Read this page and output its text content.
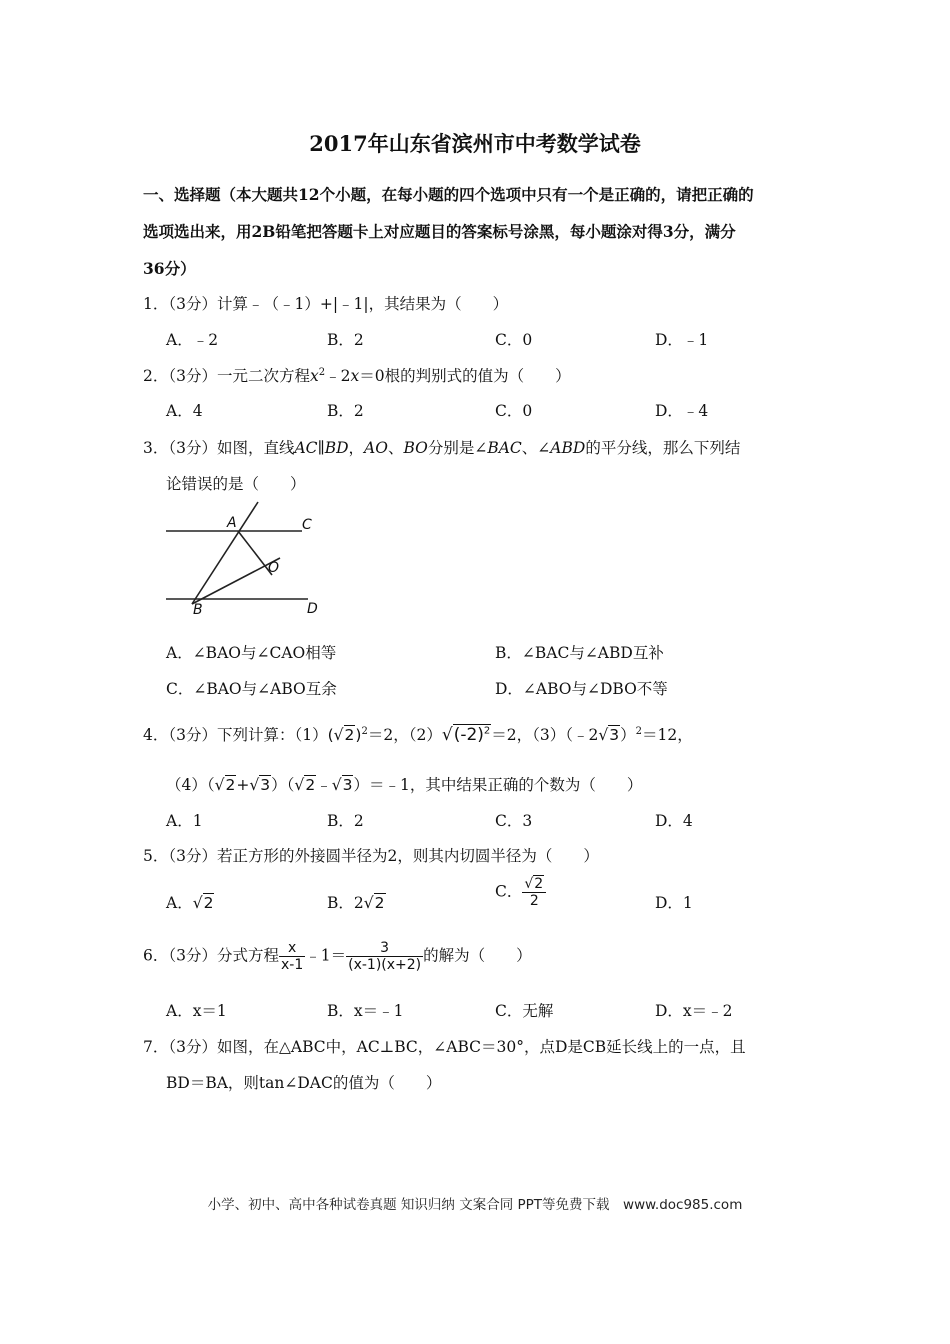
2017年山东省滨州市中考数学试卷
一、选择题（本大题共12个小题，在每小题的四个选项中只有一个是正确的，请把正确的
选项选出来，用2B铅笔把答题卡上对应题目的答案标号涂黑，每小题涂对得3分，满分
36分）
1．（3分）计算﹣（﹣1）+|﹣1|，其结果为（　　）
A．﹣2	B．2	C．0	D．﹣1
2．（3分）一元二次方程$x^2﹣2x=0$根的判别式的值为（　　）
A．4	B．2	C．0	D．﹣4
3．（3分）如图，直线AC∥BD，AO、BO分别是∠BAC、∠ABD的平分线，那么下列结
论错误的是（　　）
A	C
O
B	D
A．∠BAO与∠CAO相等	B．∠BAC与∠ABD互补
C．∠BAO与∠ABO互余	D．∠ABO与∠DBO不等
4．（3分）下列计算：$(1)(√2)^2=2$，$(2)√(-2)^2=2$，（3）（﹣2√3）$^2$＝12，
（4）（√2+√3）（√2﹣√3）＝﹣1，其中结果正确的个数为（　　）
A．1	B．2	C．3	D．4
5．（3分）若正方形的外接圆半径为2，则其内切圆半径为（　　）
A．√2	B．2√2
C． $\frac{√2}{2}$	D．1
6．（3分）分式方程 $\frac{x}{x-1}$ ﹣1＝ $\frac{3}{(x-1)(x+2)}$ 的解为（　　）
A．x＝1	B．x＝﹣1	C．无解	D．x＝﹣2
7．（3分）如图，在△ABC中，AC⊥BC，∠ABC＝30°，点D是CB延长线上的一点，且
BD＝BA，则tan∠DAC的值为（　　）
小学、初中、高中各种试卷真题 知识归纳 文案合同 PPT等免费下载　www.doc985.com
